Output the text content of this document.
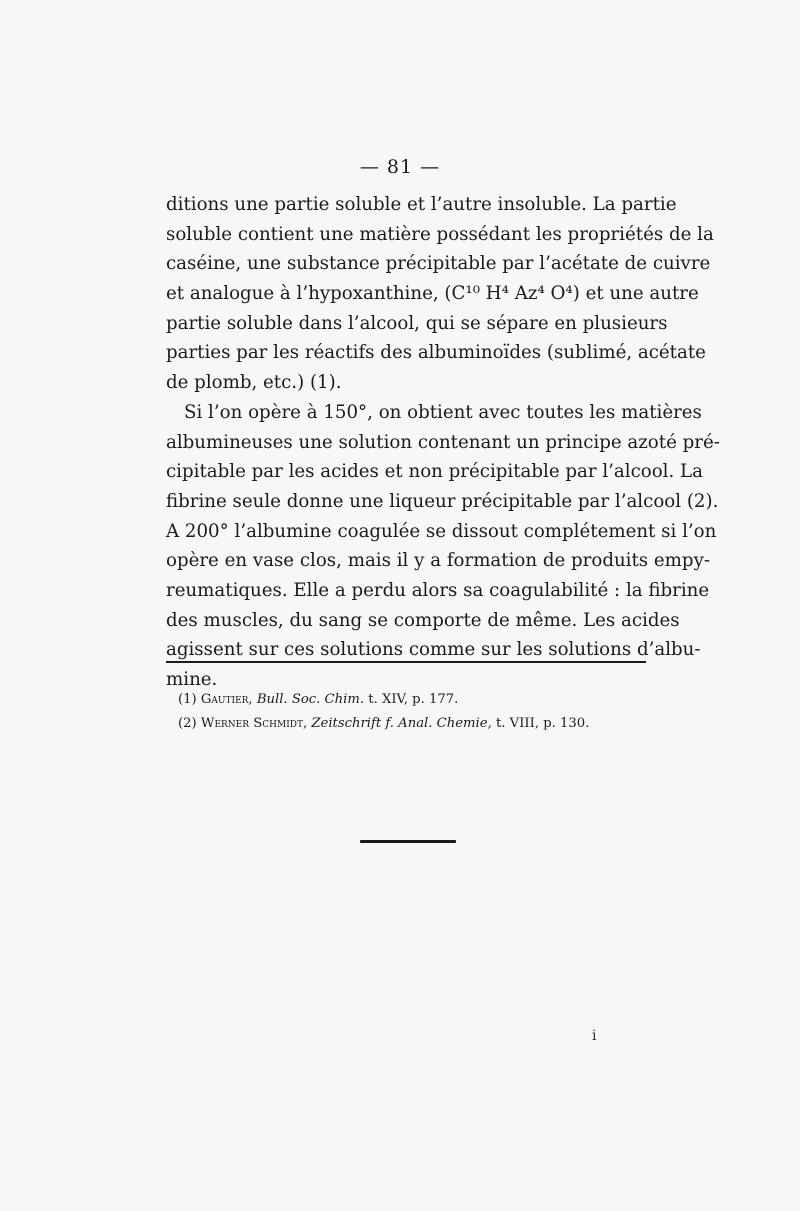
— 81 —
ditions une partie soluble et l’autre insoluble. La partie
soluble contient une matière possédant les propriétés de la
caséine, une substance précipitable par l’acétate de cuivre
et analogue à l’hypoxanthine, (C¹⁰ H⁴ Az⁴ O⁴) et une autre
partie soluble dans l’alcool, qui se sépare en plusieurs
parties par les réactifs des albuminoïdes (sublimé, acétate
de plomb, etc.) (1).
Si l’on opère à 150°, on obtient avec toutes les matières
albumineuses une solution contenant un principe azoté pré-
cipitable par les acides et non précipitable par l’alcool. La
fibrine seule donne une liqueur précipitable par l’alcool (2).
A 200° l’albumine coagulée se dissout complétement si l’on
opère en vase clos, mais il y a formation de produits empy-
reumatiques. Elle a perdu alors sa coagulabilité : la fibrine
des muscles, du sang se comporte de même. Les acides
agissent sur ces solutions comme sur les solutions d’albu-
mine.
(1) Gautier, Bull. Soc. Chim. t. XIV, p. 177.
(2) Werner Schmidt, Zeitschrift f. Anal. Chemie, t. VIII, p. 130.
i
